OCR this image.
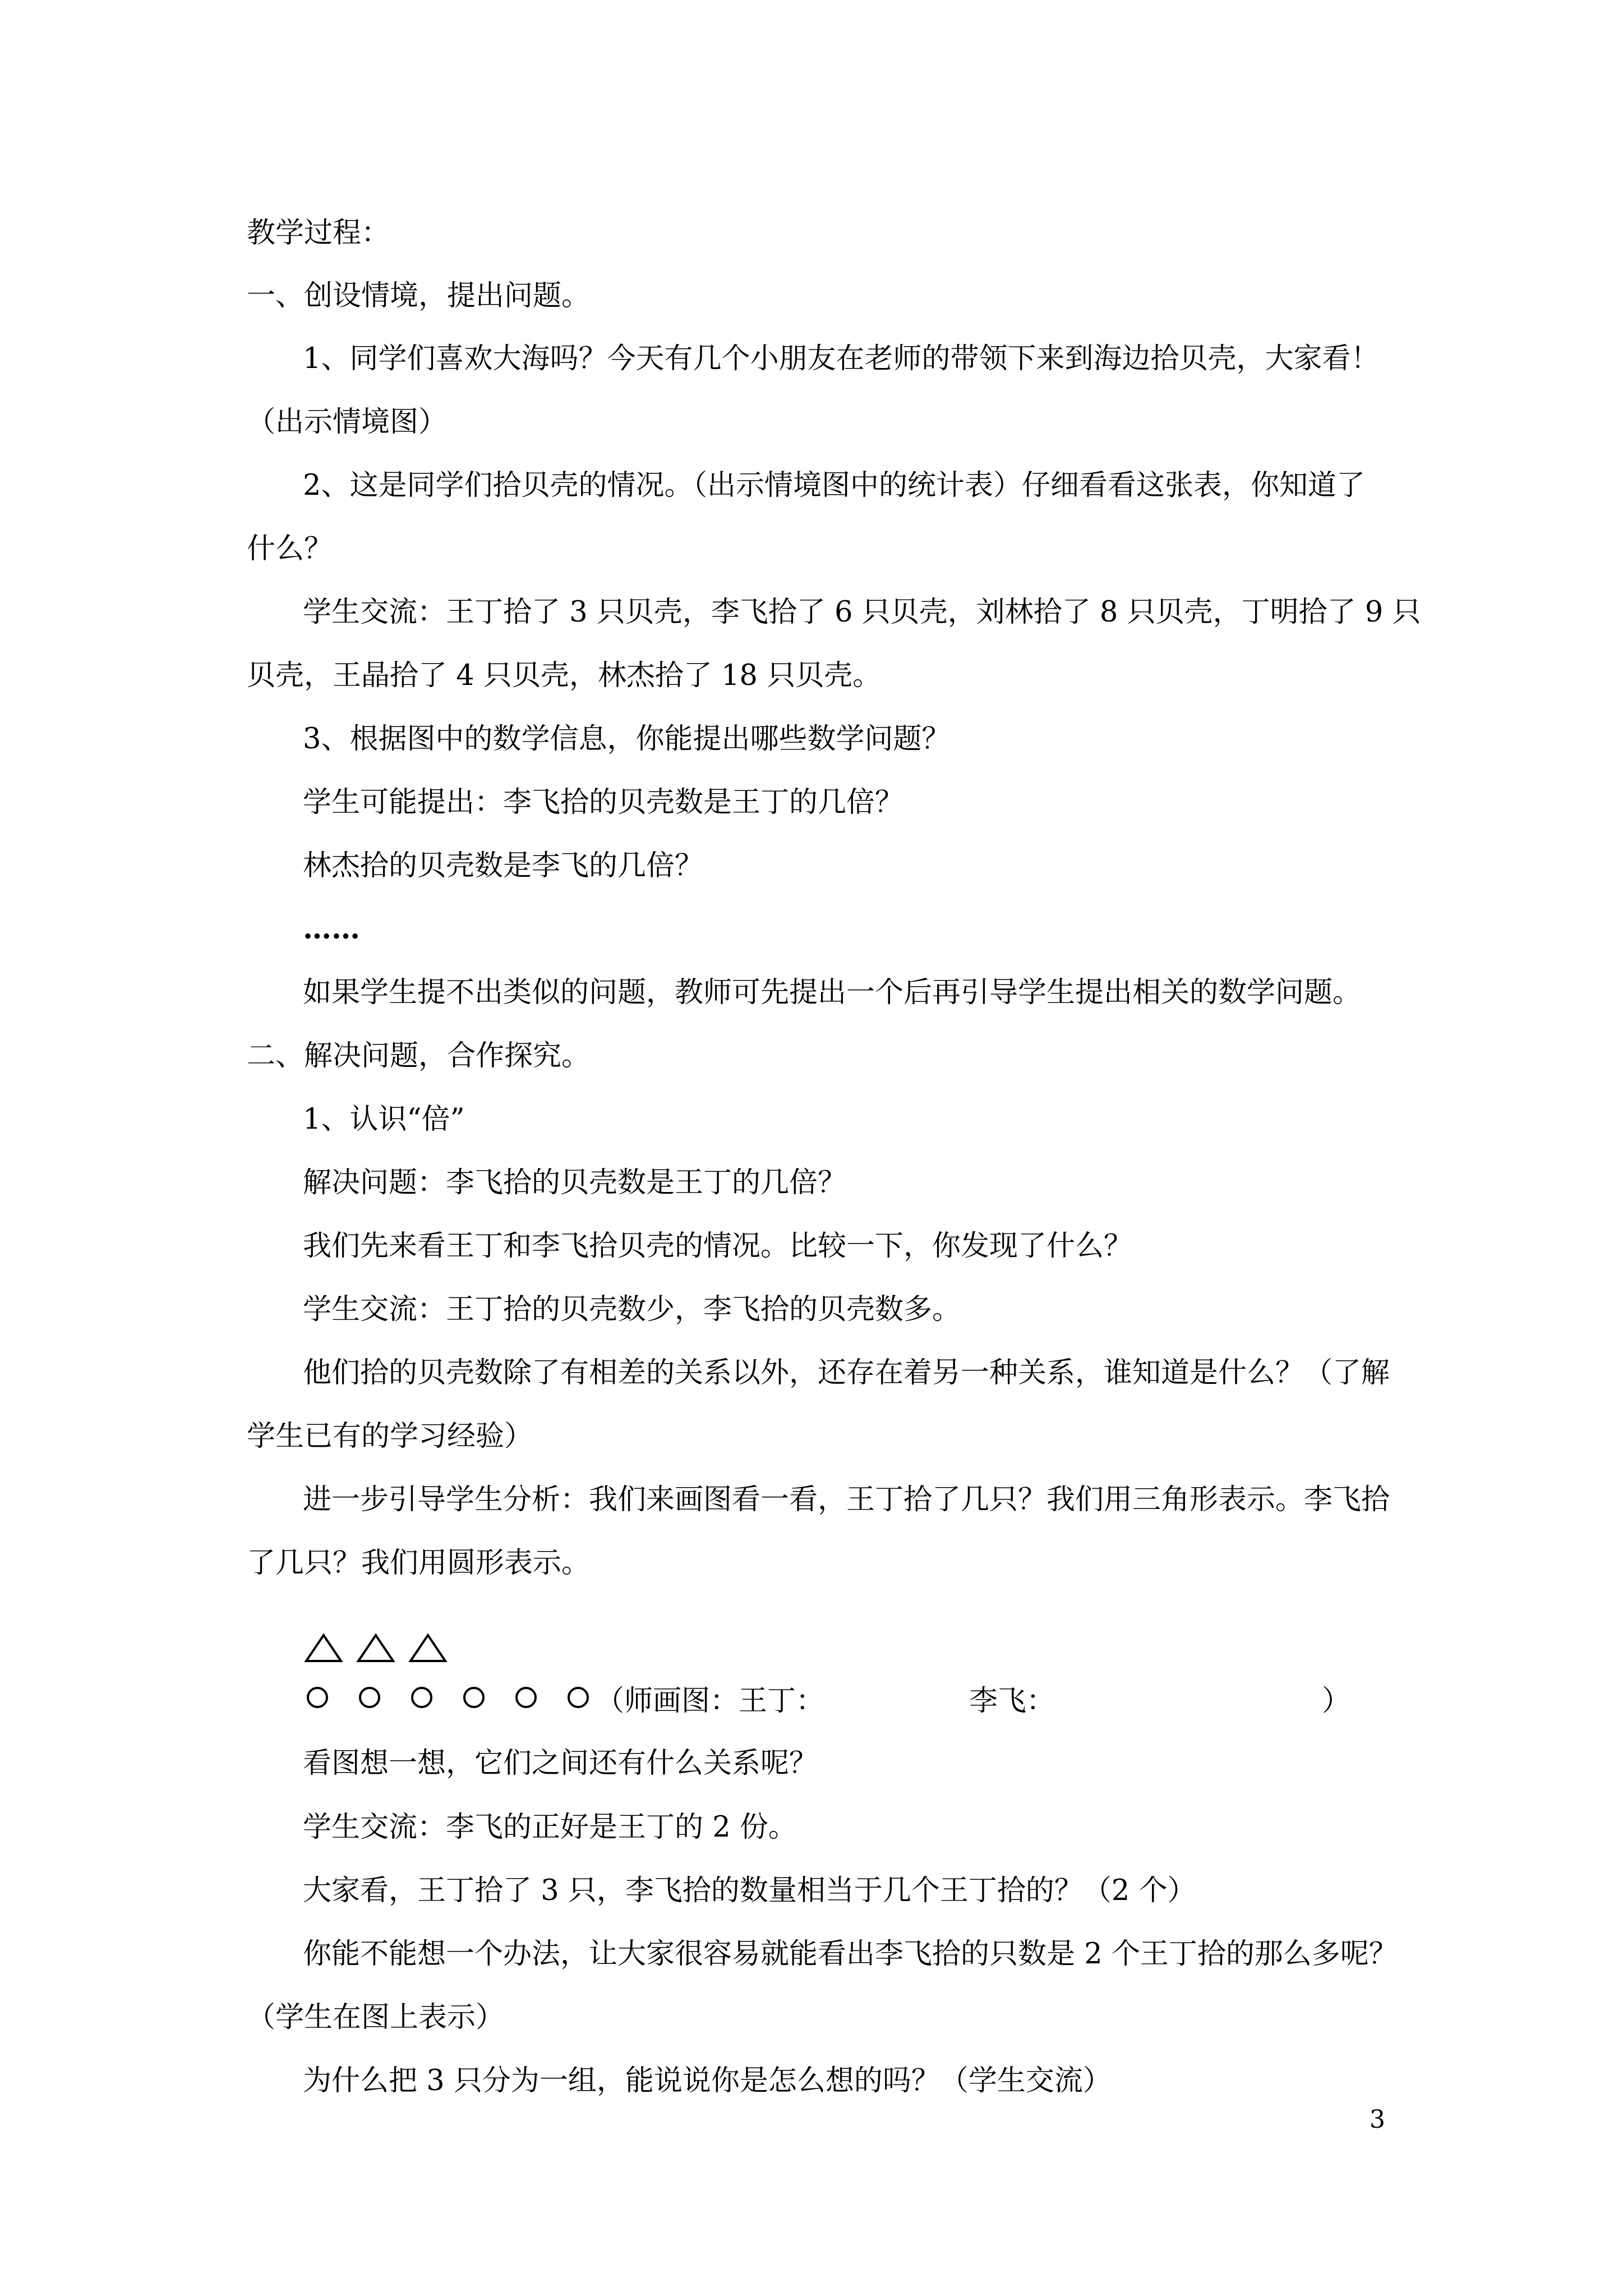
教学过程：
一、创设情境，提出问题。
1、同学们喜欢大海吗？今天有几个小朋友在老师的带领下来到海边拾贝壳，大家看！
（出示情境图）
2、这是同学们拾贝壳的情况。（出示情境图中的统计表）仔细看看这张表，你知道了
什么？
学生交流：王丁拾了 3 只贝壳，李飞拾了 6 只贝壳，刘林拾了 8 只贝壳，丁明拾了 9 只
贝壳，王晶拾了 4 只贝壳，林杰拾了 18 只贝壳。
3、根据图中的数学信息，你能提出哪些数学问题？
学生可能提出：李飞拾的贝壳数是王丁的几倍？
林杰拾的贝壳数是李飞的几倍？
……
如果学生提不出类似的问题，教师可先提出一个后再引导学生提出相关的数学问题。
二、解决问题，合作探究。
1、认识“倍”
解决问题：李飞拾的贝壳数是王丁的几倍？
我们先来看王丁和李飞拾贝壳的情况。比较一下，你发现了什么？
学生交流：王丁拾的贝壳数少，李飞拾的贝壳数多。
他们拾的贝壳数除了有相差的关系以外，还存在着另一种关系，谁知道是什么？（了解
学生已有的学习经验）
进一步引导学生分析：我们来画图看一看，王丁拾了几只？我们用三角形表示。李飞拾
了几只？我们用圆形表示。
（师画图：王丁：	李飞：	）
看图想一想，它们之间还有什么关系呢？
学生交流：李飞的正好是王丁的 2 份。
大家看，王丁拾了 3 只，李飞拾的数量相当于几个王丁拾的？（2 个）
你能不能想一个办法，让大家很容易就能看出李飞拾的只数是 2 个王丁拾的那么多呢？
（学生在图上表示）
为什么把 3 只分为一组，能说说你是怎么想的吗？（学生交流）
3
